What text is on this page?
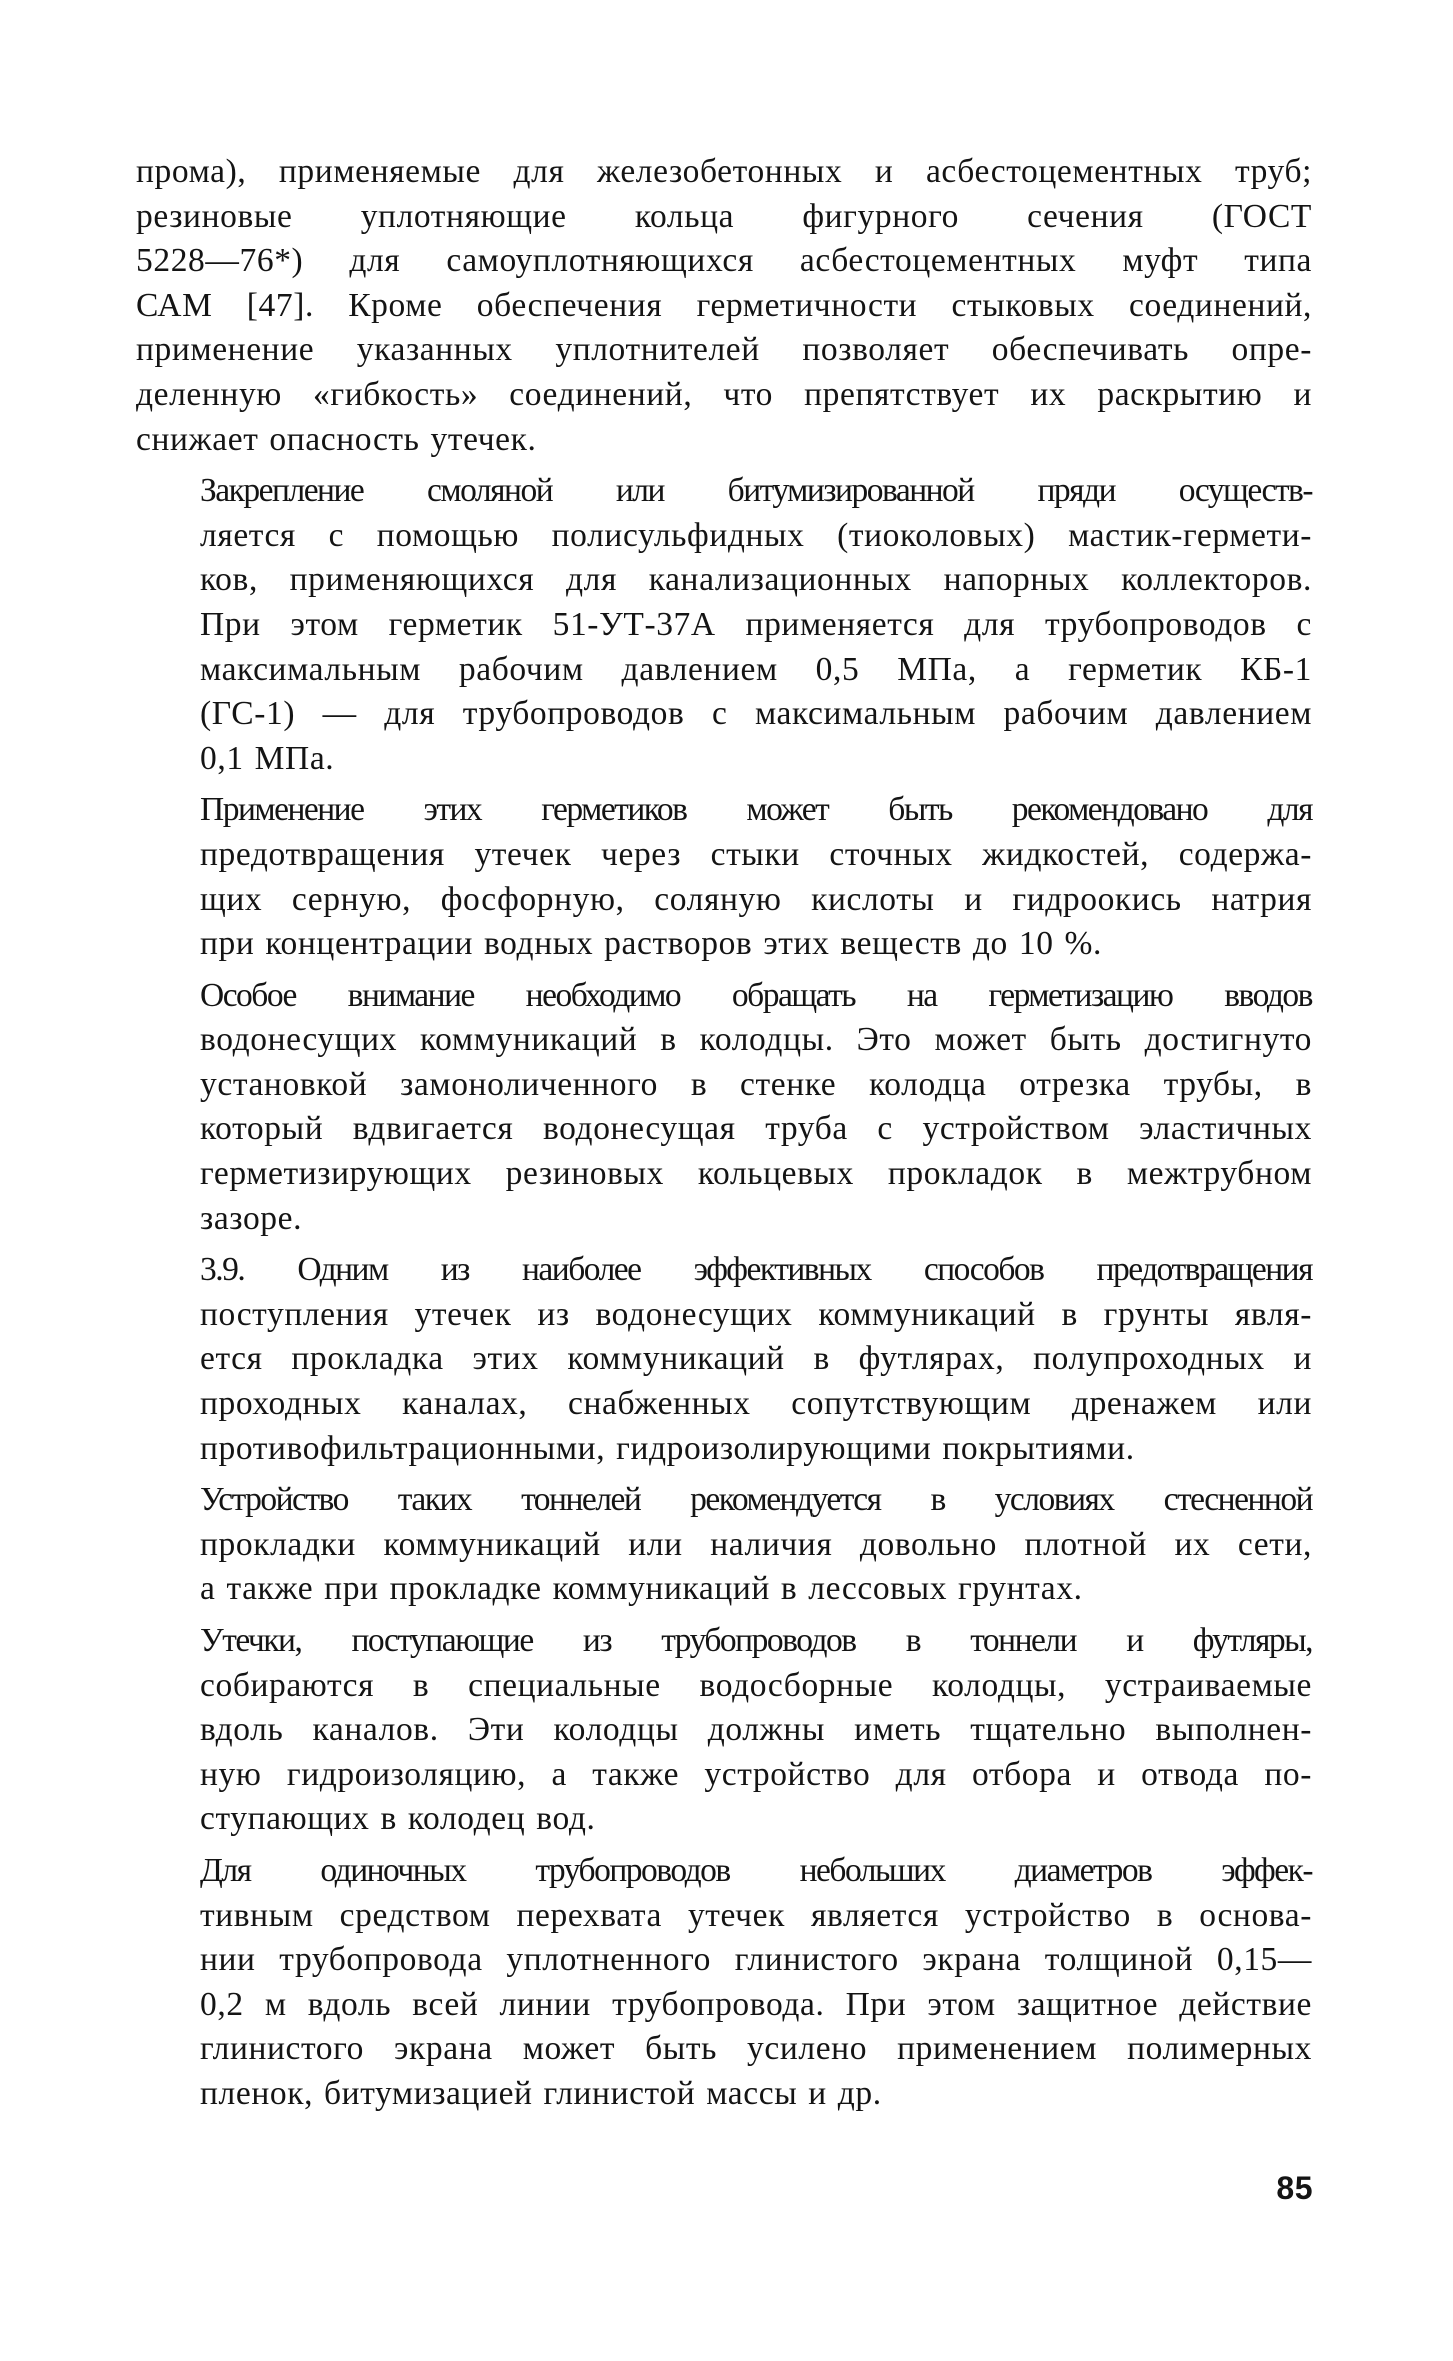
прома), применяемые для железобетонных и асбестоцементных труб;
резиновые уплотняющие кольца фигурного сечения (ГОСТ
5228—76*) для самоуплотняющихся асбестоцементных муфт типа
САМ [47]. Кроме обеспечения герметичности стыковых соединений,
применение указанных уплотнителей позволяет обеспечивать опре-
деленную «гибкость» соединений, что препятствует их раскрытию и
снижает опасность утечек.

Закрепление смоляной или битумизированной пряди осуществ-
ляется с помощью полисульфидных (тиоколовых) мастик-гермети-
ков, применяющихся для канализационных напорных коллекторов.
При этом герметик 51-УТ-37А применяется для трубопроводов с
максимальным рабочим давлением 0,5 МПа, а герметик КБ-1
(ГС-1) — для трубопроводов с максимальным рабочим давлением
0,1 МПа.

Применение этих герметиков может быть рекомендовано для
предотвращения утечек через стыки сточных жидкостей, содержа-
щих серную, фосфорную, соляную кислоты и гидроокись натрия
при концентрации водных растворов этих веществ до 10 %.

Особое внимание необходимо обращать на герметизацию вводов
водонесущих коммуникаций в колодцы. Это может быть достигнуто
установкой замоноличенного в стенке колодца отрезка трубы, в
который вдвигается водонесущая труба с устройством эластичных
герметизирующих резиновых кольцевых прокладок в межтрубном
зазоре.

3.9. Одним из наиболее эффективных способов предотвращения
поступления утечек из водонесущих коммуникаций в грунты явля-
ется прокладка этих коммуникаций в футлярах, полупроходных и
проходных каналах, снабженных сопутствующим дренажем или
противофильтрационными, гидроизолирующими покрытиями.

Устройство таких тоннелей рекомендуется в условиях стесненной
прокладки коммуникаций или наличия довольно плотной их сети,
а также при прокладке коммуникаций в лессовых грунтах.

Утечки, поступающие из трубопроводов в тоннели и футляры,
собираются в специальные водосборные колодцы, устраиваемые
вдоль каналов. Эти колодцы должны иметь тщательно выполнен-
ную гидроизоляцию, а также устройство для отбора и отвода по-
ступающих в колодец вод.

Для одиночных трубопроводов небольших диаметров эффек-
тивным средством перехвата утечек является устройство в основа-
нии трубопровода уплотненного глинистого экрана толщиной 0,15—
0,2 м вдоль всей линии трубопровода. При этом защитное действие
глинистого экрана может быть усилено применением полимерных
пленок, битумизацией глинистой массы и др.

85
